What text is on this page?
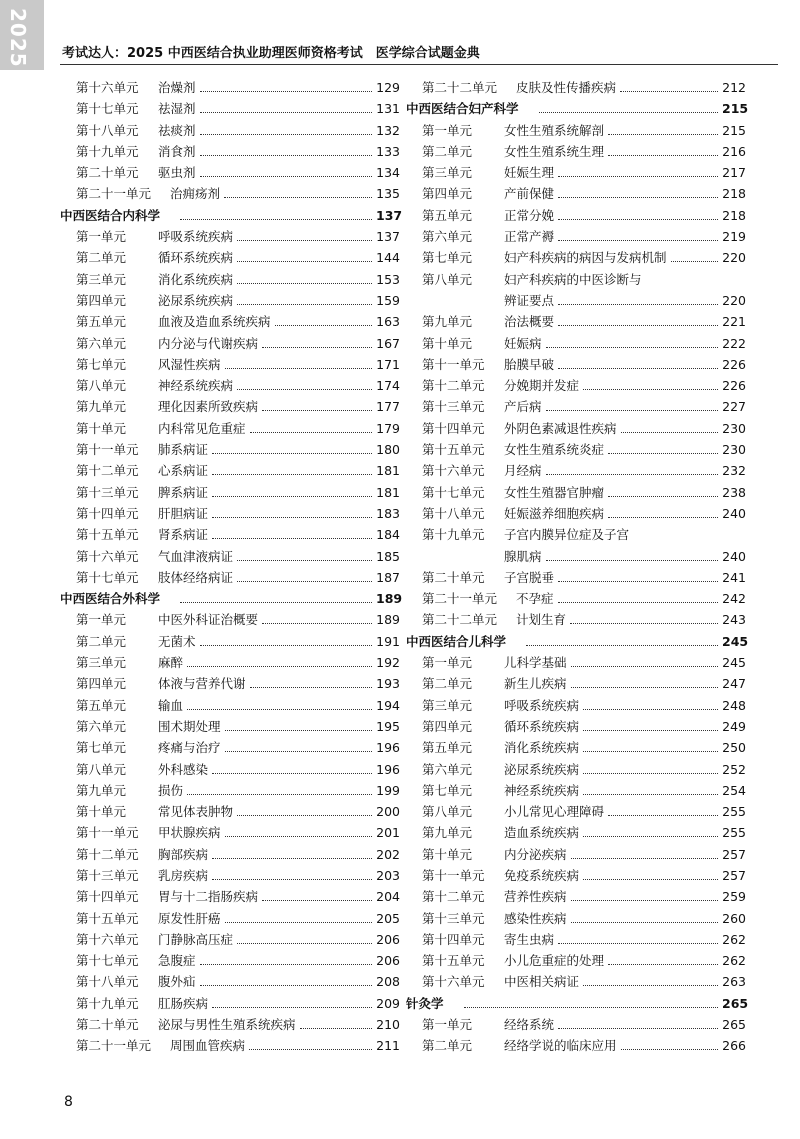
2025 考试达人：2025 中西医结合执业助理医师资格考试　医学综合试题金典
第十六单元	治燥剂	129
第十七单元	祛湿剂	131
第十八单元	祛痰剂	132
第十九单元	消食剂	133
第二十单元	驱虫剂	134
第二十一单元	治痈疡剂	135
中西医结合内科学	137
第一单元	呼吸系统疾病	137
第二单元	循环系统疾病	144
第三单元	消化系统疾病	153
第四单元	泌尿系统疾病	159
第五单元	血液及造血系统疾病	163
第六单元	内分泌与代谢疾病	167
第七单元	风湿性疾病	171
第八单元	神经系统疾病	174
第九单元	理化因素所致疾病	177
第十单元	内科常见危重症	179
第十一单元	肺系病证	180
第十二单元	心系病证	181
第十三单元	脾系病证	181
第十四单元	肝胆病证	183
第十五单元	肾系病证	184
第十六单元	气血津液病证	185
第十七单元	肢体经络病证	187
中西医结合外科学	189
第一单元	中医外科证治概要	189
第二单元	无菌术	191
第三单元	麻醉	192
第四单元	体液与营养代谢	193
第五单元	输血	194
第六单元	围术期处理	195
第七单元	疼痛与治疗	196
第八单元	外科感染	196
第九单元	损伤	199
第十单元	常见体表肿物	200
第十一单元	甲状腺疾病	201
第十二单元	胸部疾病	202
第十三单元	乳房疾病	203
第十四单元	胃与十二指肠疾病	204
第十五单元	原发性肝癌	205
第十六单元	门静脉高压症	206
第十七单元	急腹症	206
第十八单元	腹外疝	208
第十九单元	肛肠疾病	209
第二十单元	泌尿与男性生殖系统疾病	210
第二十一单元	周围血管疾病	211
第二十二单元	皮肤及性传播疾病	212
中西医结合妇产科学	215
第一单元	女性生殖系统解剖	215
第二单元	女性生殖系统生理	216
第三单元	妊娠生理	217
第四单元	产前保健	218
第五单元	正常分娩	218
第六单元	正常产褥	219
第七单元	妇产科疾病的病因与发病机制	220
第八单元	妇产科疾病的中医诊断与
辨证要点	220
第九单元	治法概要	221
第十单元	妊娠病	222
第十一单元	胎膜早破	226
第十二单元	分娩期并发症	226
第十三单元	产后病	227
第十四单元	外阴色素减退性疾病	230
第十五单元	女性生殖系统炎症	230
第十六单元	月经病	232
第十七单元	女性生殖器官肿瘤	238
第十八单元	妊娠滋养细胞疾病	240
第十九单元	子宫内膜异位症及子宫
腺肌病	240
第二十单元	子宫脱垂	241
第二十一单元	不孕症	242
第二十二单元	计划生育	243
中西医结合儿科学	245
第一单元	儿科学基础	245
第二单元	新生儿疾病	247
第三单元	呼吸系统疾病	248
第四单元	循环系统疾病	249
第五单元	消化系统疾病	250
第六单元	泌尿系统疾病	252
第七单元	神经系统疾病	254
第八单元	小儿常见心理障碍	255
第九单元	造血系统疾病	255
第十单元	内分泌疾病	257
第十一单元	免疫系统疾病	257
第十二单元	营养性疾病	259
第十三单元	感染性疾病	260
第十四单元	寄生虫病	262
第十五单元	小儿危重症的处理	262
第十六单元	中医相关病证	263
针灸学	265
第一单元	经络系统	265
第二单元	经络学说的临床应用	266
8
